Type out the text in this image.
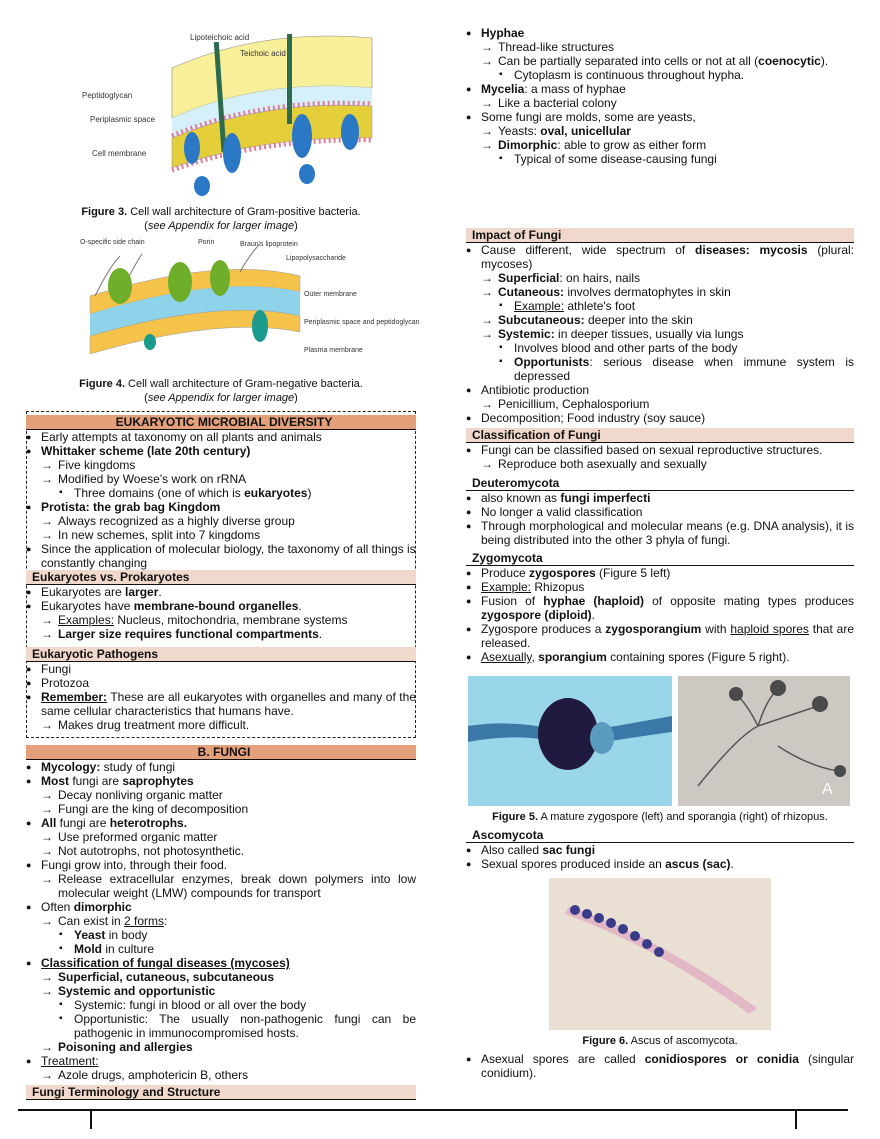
Lipoteichoic acid
Teichoic acid
Peptidoglycan
Periplasmic space
Cell membrane
Figure 3. Cell wall architecture of Gram-positive bacteria.
(see Appendix for larger image)
O-specific side chain	Porin	Braun's lipoprotein
Lipopolysaccharide
Outer membrane
Periplasmic space and peptidoglycan
Plasma membrane
Figure 4. Cell wall architecture of Gram-negative bacteria.
(see Appendix for larger image)
EUKARYOTIC MICROBIAL DIVERSITY
● Early attempts at taxonomy on all plants and animals
● Whittaker scheme (late 20th century)
→ Five kingdoms
→ Modified by Woese's work on rRNA
▪ Three domains (one of which is eukaryotes)
● Protista: the grab bag Kingdom
→ Always recognized as a highly diverse group
→ In new schemes, split into 7 kingdoms
● Since the application of molecular biology, the taxonomy of all things is constantly changing
Eukaryotes vs. Prokaryotes
● Eukaryotes are larger.
● Eukaryotes have membrane-bound organelles.
→ Examples: Nucleus, mitochondria, membrane systems
→ Larger size requires functional compartments.
Eukaryotic Pathogens
● Fungi
● Protozoa
● Remember: These are all eukaryotes with organelles and many of the same cellular characteristics that humans have.
→ Makes drug treatment more difficult.
B. FUNGI
● Mycology: study of fungi
● Most fungi are saprophytes
→ Decay nonliving organic matter
→ Fungi are the king of decomposition
● All fungi are heterotrophs.
→ Use preformed organic matter
→ Not autotrophs, not photosynthetic.
● Fungi grow into, through their food.
→ Release extracellular enzymes, break down polymers into low molecular weight (LMW) compounds for transport
● Often dimorphic
→ Can exist in 2 forms:
▪ Yeast in body
▪ Mold in culture
● Classification of fungal diseases (mycoses)
→ Superficial, cutaneous, subcutaneous
→ Systemic and opportunistic
▪ Systemic: fungi in blood or all over the body
▪ Opportunistic: The usually non-pathogenic fungi can be pathogenic in immunocompromised hosts.
→ Poisoning and allergies
● Treatment:
→ Azole drugs, amphotericin B, others
Fungi Terminology and Structure
● Hyphae
→ Thread-like structures
→ Can be partially separated into cells or not at all (coenocytic).
▪ Cytoplasm is continuous throughout hypha.
● Mycelia: a mass of hyphae
→ Like a bacterial colony
● Some fungi are molds, some are yeasts,
→ Yeasts: oval, unicellular
→ Dimorphic: able to grow as either form
▪ Typical of some disease-causing fungi
Impact of Fungi
● Cause different, wide spectrum of diseases: mycosis (plural: mycoses)
→ Superficial: on hairs, nails
→ Cutaneous: involves dermatophytes in skin
▪ Example: athlete's foot
→ Subcutaneous: deeper into the skin
→ Systemic: in deeper tissues, usually via lungs
▪ Involves blood and other parts of the body
▪ Opportunists: serious disease when immune system is depressed
● Antibiotic production
→ Penicillium, Cephalosporium
● Decomposition; Food industry (soy sauce)
Classification of Fungi
● Fungi can be classified based on sexual reproductive structures.
→ Reproduce both asexually and sexually
Deuteromycota
● also known as fungi imperfecti
● No longer a valid classification
● Through morphological and molecular means (e.g. DNA analysis), it is being distributed into the other 3 phyla of fungi.
Zygomycota
● Produce zygospores (Figure 5 left)
● Example: Rhizopus
● Fusion of hyphae (haploid) of opposite mating types produces zygospore (diploid).
● Zygospore produces a zygosporangium with haploid spores that are released.
● Asexually, sporangium containing spores (Figure 5 right).
A
Figure 5. A mature zygospore (left) and sporangia (right) of rhizopus.
Ascomycota
● Also called sac fungi
● Sexual spores produced inside an ascus (sac).
Figure 6. Ascus of ascomycota.
● Asexual spores are called conidiospores or conidia (singular conidium).
